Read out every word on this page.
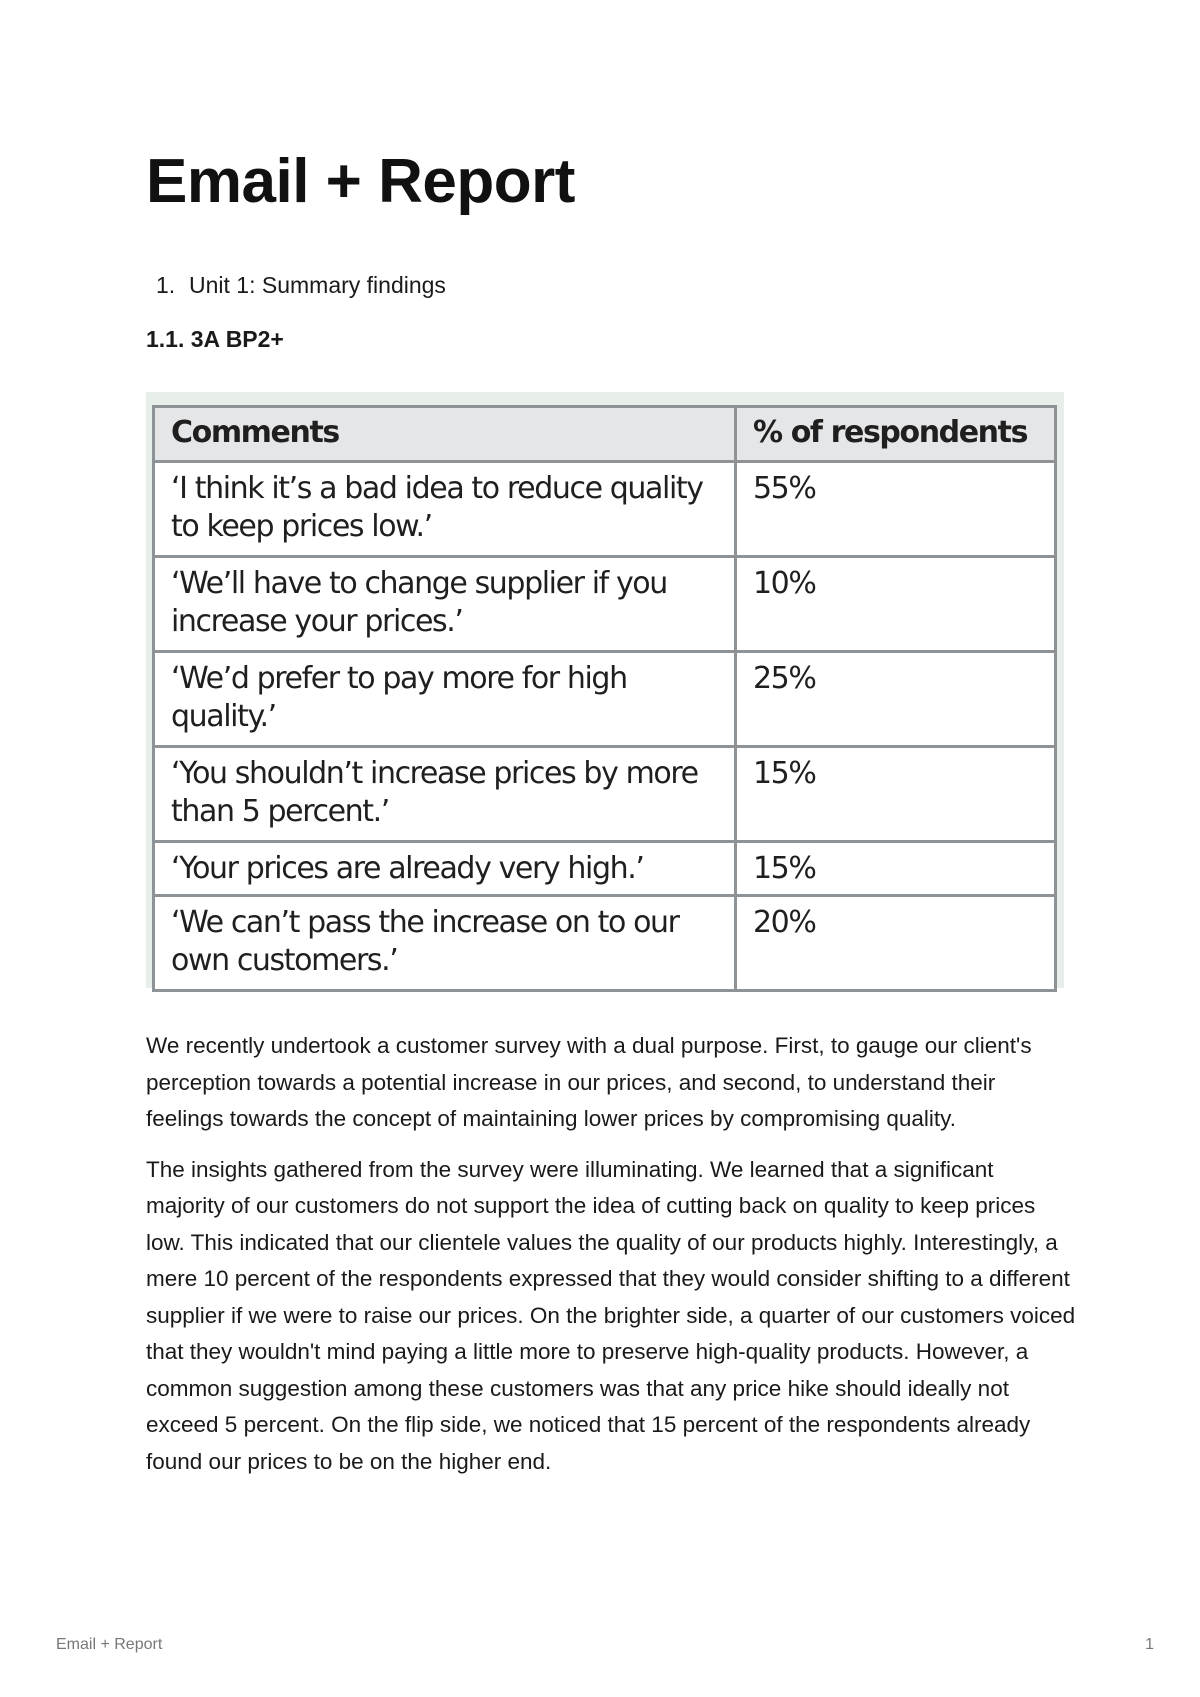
Email + Report
1. Unit 1: Summary findings
1.1. 3A BP2+
Comments	% of respondents
‘I think it’s a bad idea to reduce quality to keep prices low.’	55%
‘We’ll have to change supplier if you increase your prices.’	10%
‘We’d prefer to pay more for high quality.’	25%
‘You shouldn’t increase prices by more than 5 percent.’	15%
‘Your prices are already very high.’	15%
‘We can’t pass the increase on to our own customers.’	20%

We recently undertook a customer survey with a dual purpose. First, to gauge our client's perception towards a potential increase in our prices, and second, to understand their feelings towards the concept of maintaining lower prices by compromising quality.

The insights gathered from the survey were illuminating. We learned that a significant majority of our customers do not support the idea of cutting back on quality to keep prices low. This indicated that our clientele values the quality of our products highly. Interestingly, a mere 10 percent of the respondents expressed that they would consider shifting to a different supplier if we were to raise our prices. On the brighter side, a quarter of our customers voiced that they wouldn't mind paying a little more to preserve high-quality products. However, a common suggestion among these customers was that any price hike should ideally not exceed 5 percent. On the flip side, we noticed that 15 percent of the respondents already found our prices to be on the higher end.

Email + Report	1
